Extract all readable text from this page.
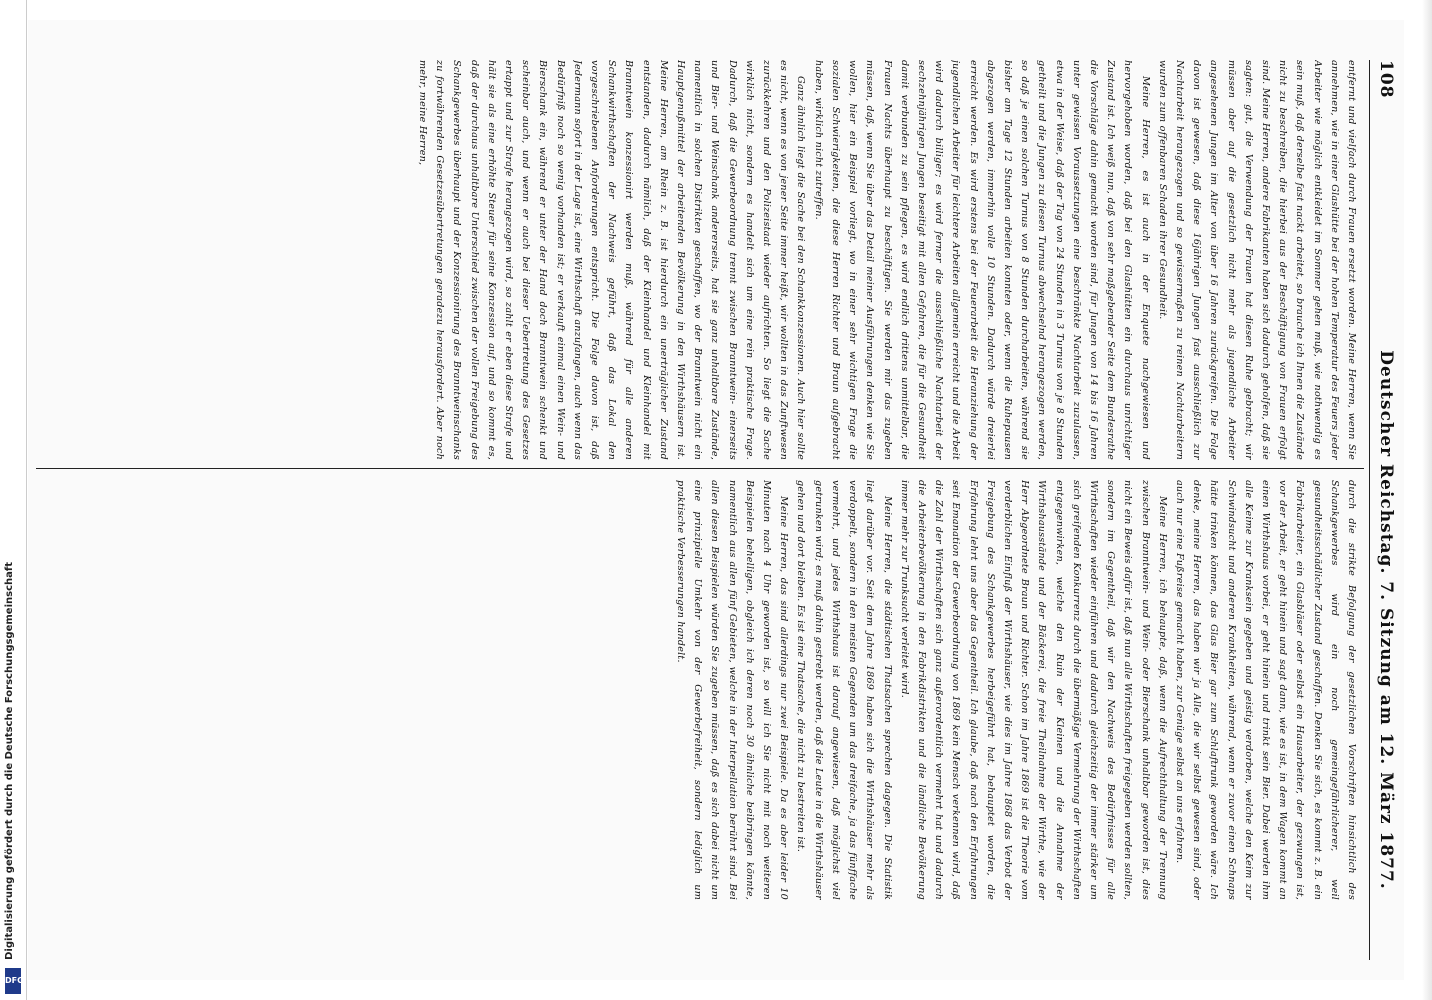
108
Deutscher Reichstag. 7. Sitzung am 12. März 1877.

entfernt und vielfach durch Frauen ersetzt worden. Meine Herren, wenn Sie annehmen, wie in einer Glashütte bei der hohen Temperatur des Feuers jeder Arbeiter wie möglich entkleidet im Sommer gehen muß, wie nothwendig es sein muß, daß derselbe fast nackt arbeitet, so brauche ich Ihnen die Zustände nicht zu beschreiben, die hierbei aus der Beschäftigung von Frauen erfolgt sind. Meine Herren, andere Fabrikanten haben sich dadurch geholfen, daß sie sagten: gut, die Verwendung der Frauen hat diesen Ruhe gebracht; wir müssen aber auf die gesetzlich nicht mehr als jugendliche Arbeiter angesehenen Jungen im Alter von über 16 Jahren zurückgreifen. Die Folge davon ist gewesen, daß diese 16jährigen Jungen fast ausschließlich zur Nachtarbeit herangezogen und so gewissermaßen zu reinen Nachtarbeitern wurden zum offenbaren Schaden ihrer Gesundheit.

Meine Herren, es ist auch in der Enquete nachgewiesen und hervorgehoben worden, daß bei den Glashütten ein durchaus unrichtiger Zustand ist. Ich weiß nun, daß von sehr maßgebender Seite dem Bundesrathe die Vorschläge dahin gemacht worden sind, für Jungen von 14 bis 16 Jahren unter gewissen Voraussetzungen eine beschränkte Nachtarbeit zuzulassen, etwa in der Weise, daß der Tag von 24 Stunden in 3 Turnus von je 8 Stunden getheilt und die Jungen zu diesen Turnus abwechselnd herangezogen werden, so daß je einen solchen Turnus von 8 Stunden durcharbeiten, während sie bisher am Tage 12 Stunden arbeiten konnten oder, wenn die Ruhepausen abgezogen werden, immerhin volle 10 Stunden. Dadurch würde dreierlei erreicht werden. Es wird erstens bei der Feuerarbeit die Heranziehung der jugendlichen Arbeiter für leichtere Arbeiten allgemein erreicht und die Arbeit wird dadurch billiger; es wird ferner die ausschließliche Nachtarbeit der sechzehnjährigen Jungen beseitigt mit allen Gefahren, die für die Gesundheit damit verbunden zu sein pflegen, es wird endlich drittens unmittelbar, die Frauen Nachts überhaupt zu beschäftigen. Sie werden mir das zugeben müssen, daß, wenn Sie über das Detail meiner Ausführungen denken wie Sie wollen, hier ein Beispiel vorliegt, wo in einer sehr wichtigen Frage die sozialen Schwierigkeiten, die diese Herren Richter und Braun aufgebracht haben, wirklich nicht zutreffen.

Ganz ähnlich liegt die Sache bei den Schankkonzessionen. Auch hier sollte es nicht, wenn es von jener Seite immer heißt, wir wollten in das Zunftwesen zurückkehren und den Polizeistaat wieder aufrichten. So liegt die Sache wirklich nicht, sondern es handelt sich um eine rein praktische Frage. Dadurch, daß die Gewerbeordnung trennt zwischen Branntwein- einerseits und Bier- und Weinschank andererseits, hat sie ganz unhaltbare Zustände, namentlich in solchen Distrikten geschaffen, wo der Branntwein nicht ein Hauptgenußmittel der arbeitenden Bevölkerung in den Wirthshäusern ist. Meine Herren, am Rhein z. B. ist hierdurch ein unerträglicher Zustand entstanden, dadurch nämlich, daß der Kleinhandel und Kleinhandel mit Branntwein konzessionirt werden muß, während für alle anderen Schankwirthschaften der Nachweis geführt, daß das Lokal den vorgeschriebenen Anforderungen entspricht. Die Folge davon ist, daß Jedermann sofort in der Lage ist, eine Wirthschaft anzufangen, auch wenn das Bedürfniß noch so wenig vorhanden ist; er verkauft einmal einen Wein- und Bierschank ein, während er unter der Hand doch Branntwein schenkt und scheinbar auch, und wenn er auch bei dieser Uebertretung des Gesetzes ertappt und zur Strafe herangezogen wird, so zahlt er eben diese Strafe und hält sie als eine erhöhte Steuer für seine Konzession auf, und so kommt es, daß der durchaus unhaltbare Unterschied zwischen der vollen Freigebung des Schankgewerbes überhaupt und der Konzessionirung des Branntweinschanks zu fortwährenden Gesetzesübertretungen geradezu herausfordert. Aber noch mehr, meine Herren,

durch die strikte Befolgung der gesetzlichen Vorschriften hinsichtlich des Schankgewerbes wird ein noch gemeingefährlicherer, weil gesundheitsschädlicher Zustand geschaffen. Denken Sie sich, es kommt z. B. ein Fabrikarbeiter, ein Glasbläser oder selbst ein Hausarbeiter, der gezwungen ist, vor der Arbeit, er geht hinein und sagt dann, wie es ist, in dem Wagen kommt an einen Wirthshaus vorbei, er geht hinein und trinkt sein Bier. Dabei werden ihm alle Keime zur Kranksein gegeben und geistig verdorben, welche den Keim zur Schwindsucht und anderen Krankheiten, während, wenn er zuvor einen Schnaps hätte trinken können, das Glas Bier gar zum Schlaftrunk geworden wäre. Ich denke, meine Herren, das haben wir ja Alle, die wir selbst gewesen sind, oder auch nur eine Fußreise gemacht haben, zur Genüge selbst an uns erfahren.

Meine Herren, ich behaupte, daß, wenn die Aufrechthaltung der Trennung zwischen Branntwein- und Wein- oder Bierschank unhaltbar geworden ist, dies nicht ein Beweis dafür ist, daß nun alle Wirthschaften freigegeben werden sollten, sondern im Gegentheil, daß wir den Nachweis des Bedürfnisses für alle Wirthschaften wieder einführen und dadurch gleichzeitig der immer stärker um sich greifenden Konkurrenz durch die übermäßige Vermehrung der Wirthschaften entgegenwirken, welche den Ruin der Kleinen und die Annahme der Wirthshausstände und der Bäckerei, die freie Theilnahme der Wirthe, wie der Herr Abgeordnete Braun und Richter. Schon im Jahre 1869 ist die Theorie vom verderblichen Einfluß der Wirthshäuser, wie dies im Jahre 1868 das Verbot der Freigebung des Schankgewerbes herbeigeführt hat, behauptet worden, die Erfahrung lehrt uns aber das Gegentheil. Ich glaube, daß nach den Erfahrungen seit Emanation der Gewerbeordnung von 1869 kein Mensch verkennen wird, daß die Zahl der Wirthschaften sich ganz außerordentlich vermehrt hat und dadurch die Arbeiterbevölkerung in den Fabrikdistrikten und die ländliche Bevölkerung immer mehr zur Trunksucht verleitet wird.

Meine Herren, die städtischen Thatsachen sprechen dagegen. Die Statistik liegt darüber vor. Seit dem Jahre 1869 haben sich die Wirthshäuser mehr als verdoppelt, sondern in den meisten Gegenden um das dreifache, ja das fünffache vermehrt, und jedes Wirthshaus ist darauf angewiesen, daß möglichst viel getrunken wird; es muß dahin gestrebt werden, daß die Leute in die Wirthshäuser gehen und dort bleiben. Es ist eine Thatsache, die nicht zu bestreiten ist.

Meine Herren, das sind allerdings nur zwei Beispiele. Da es aber leider 10 Minuten nach 4 Uhr geworden ist, so will ich Sie nicht mit noch weiteren Beispielen behelligen, obgleich ich deren noch 30 ähnliche beibringen könnte, namentlich aus allen fünf Gebieten, welche in der Interpellation berührt sind. Bei allen diesen Beispielen würden Sie zugeben müssen, daß es sich dabei nicht um eine prinzipielle Umkehr von der Gewerbefreiheit, sondern lediglich um praktische Verbesserungen handelt.

Digitalisierung gefördert durch die Deutsche Forschungsgemeinschaft
DFG
